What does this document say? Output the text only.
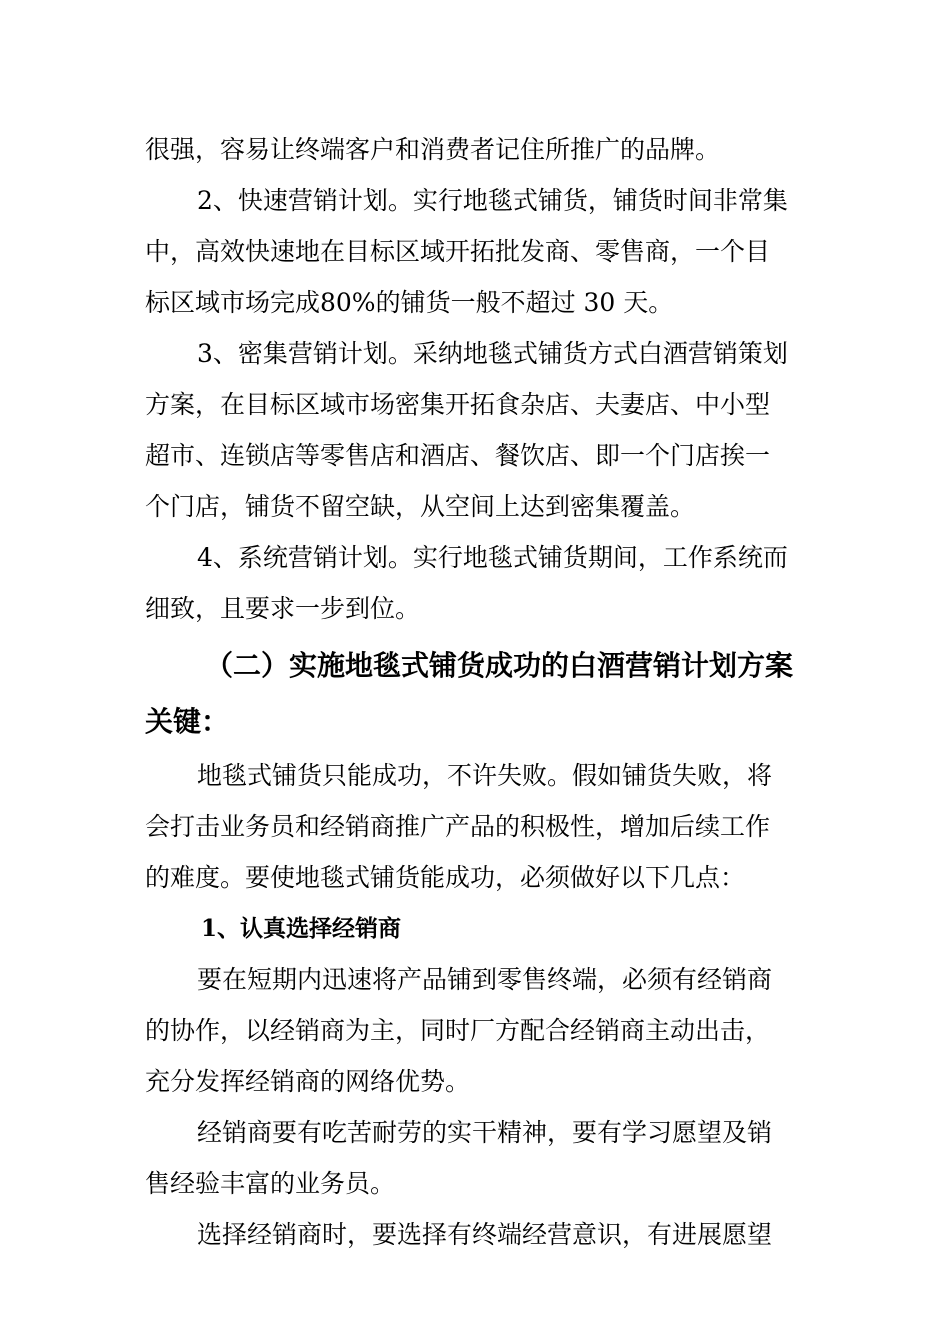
很强，容易让终端客户和消费者记住所推广的品牌。
2、快速营销计划。实行地毯式铺货，铺货时间非常集
中，高效快速地在目标区域开拓批发商、零售商，一个目
标区域市场完成80%的铺货一般不超过 30 天。
3、密集营销计划。采纳地毯式铺货方式白酒营销策划
方案，在目标区域市场密集开拓食杂店、夫妻店、中小型
超市、连锁店等零售店和酒店、餐饮店、即一个门店挨一
个门店，铺货不留空缺，从空间上达到密集覆盖。
4、系统营销计划。实行地毯式铺货期间，工作系统而
细致，且要求一步到位。
（二）实施地毯式铺货成功的白酒营销计划方案
关键：
地毯式铺货只能成功，不许失败。假如铺货失败，将
会打击业务员和经销商推广产品的积极性，增加后续工作
的难度。要使地毯式铺货能成功，必须做好以下几点：
1、认真选择经销商
要在短期内迅速将产品铺到零售终端，必须有经销商
的协作，以经销商为主，同时厂方配合经销商主动出击，
充分发挥经销商的网络优势。
经销商要有吃苦耐劳的实干精神，要有学习愿望及销
售经验丰富的业务员。
选择经销商时，要选择有终端经营意识，有进展愿望
